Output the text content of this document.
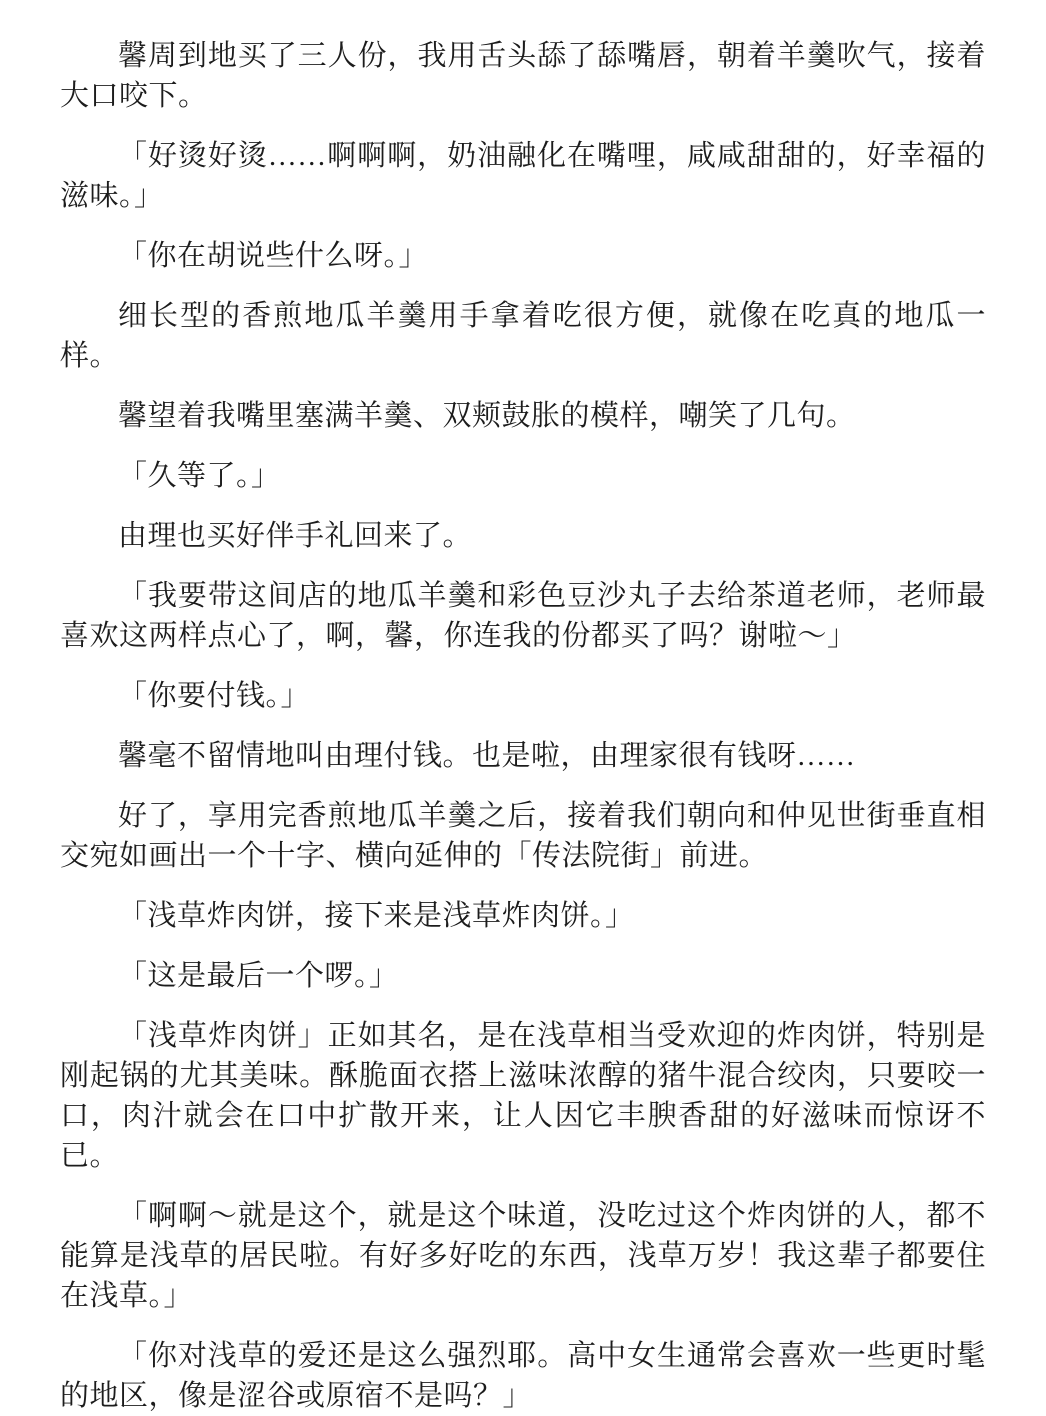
馨周到地买了三人份，我用舌头舔了舔嘴唇，朝着羊羹吹气，接着大口咬下。

「好烫好烫……啊啊啊，奶油融化在嘴哩，咸咸甜甜的，好幸福的滋味。」

「你在胡说些什么呀。」

细长型的香煎地瓜羊羹用手拿着吃很方便，就像在吃真的地瓜一样。

馨望着我嘴里塞满羊羹、双颊鼓胀的模样，嘲笑了几句。

「久等了。」

由理也买好伴手礼回来了。

「我要带这间店的地瓜羊羹和彩色豆沙丸子去给茶道老师，老师最喜欢这两样点心了，啊，馨，你连我的份都买了吗？谢啦～」

「你要付钱。」

馨毫不留情地叫由理付钱。也是啦，由理家很有钱呀……

好了，享用完香煎地瓜羊羹之后，接着我们朝向和仲见世街垂直相交宛如画出一个十字、横向延伸的「传法院街」前进。

「浅草炸肉饼，接下来是浅草炸肉饼。」

「这是最后一个啰。」

「浅草炸肉饼」正如其名，是在浅草相当受欢迎的炸肉饼，特别是刚起锅的尤其美味。酥脆面衣搭上滋味浓醇的猪牛混合绞肉，只要咬一口，肉汁就会在口中扩散开来，让人因它丰腴香甜的好滋味而惊讶不已。

「啊啊～就是这个，就是这个味道，没吃过这个炸肉饼的人，都不能算是浅草的居民啦。有好多好吃的东西，浅草万岁！我这辈子都要住在浅草。」

「你对浅草的爱还是这么强烈耶。高中女生通常会喜欢一些更时髦的地区，像是涩谷或原宿不是吗？」
